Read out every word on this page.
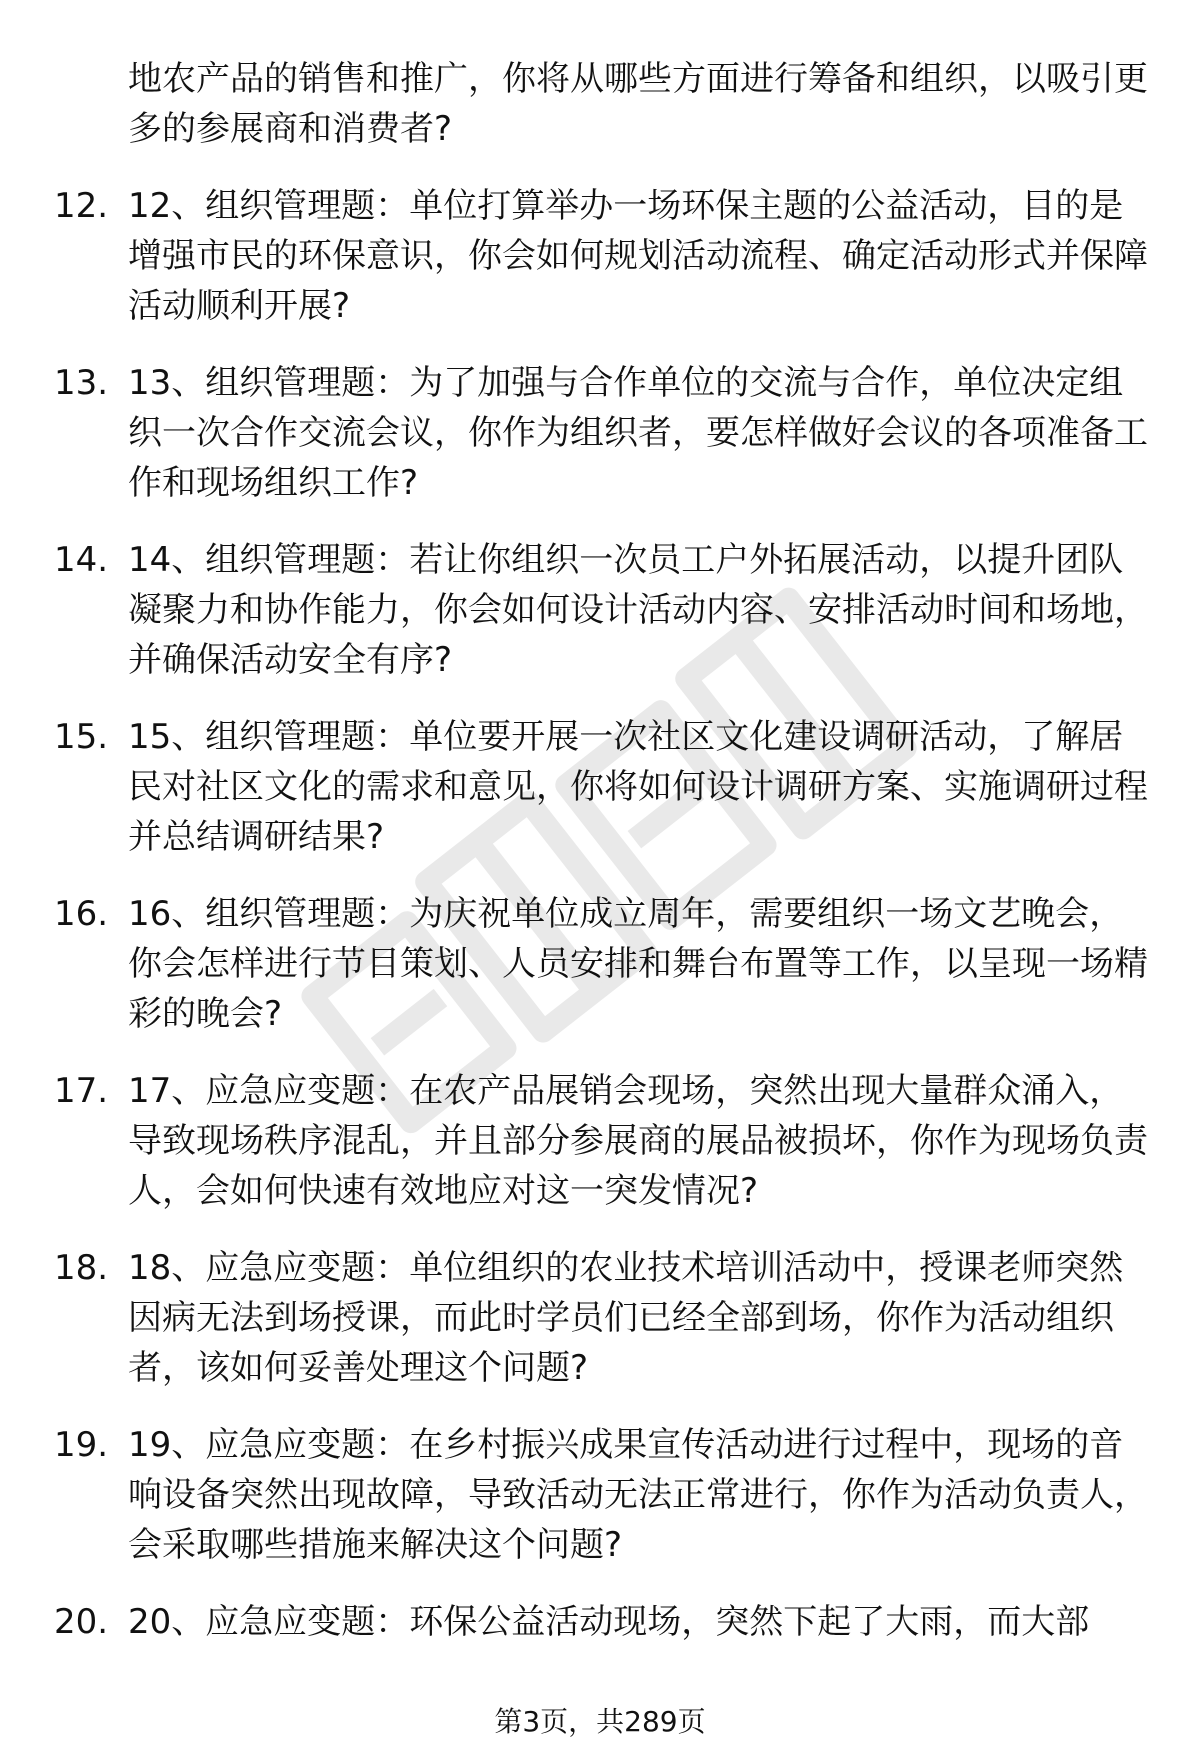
地农产品的销售和推广，你将从哪些方面进行筹备和组织，以吸引更多的参展商和消费者?
12. 12、组织管理题：单位打算举办一场环保主题的公益活动，目的是增强市民的环保意识，你会如何规划活动流程、确定活动形式并保障活动顺利开展?
13. 13、组织管理题：为了加强与合作单位的交流与合作，单位决定组织一次合作交流会议，你作为组织者，要怎样做好会议的各项准备工作和现场组织工作?
14. 14、组织管理题：若让你组织一次员工户外拓展活动，以提升团队凝聚力和协作能力，你会如何设计活动内容、安排活动时间和场地，并确保活动安全有序?
15. 15、组织管理题：单位要开展一次社区文化建设调研活动，了解居民对社区文化的需求和意见，你将如何设计调研方案、实施调研过程并总结调研结果?
16. 16、组织管理题：为庆祝单位成立周年，需要组织一场文艺晚会，你会怎样进行节目策划、人员安排和舞台布置等工作，以呈现一场精彩的晚会?
17. 17、应急应变题：在农产品展销会现场，突然出现大量群众涌入，导致现场秩序混乱，并且部分参展商的展品被损坏，你作为现场负责人，会如何快速有效地应对这一突发情况?
18. 18、应急应变题：单位组织的农业技术培训活动中，授课老师突然因病无法到场授课，而此时学员们已经全部到场，你作为活动组织者，该如何妥善处理这个问题?
19. 19、应急应变题：在乡村振兴成果宣传活动进行过程中，现场的音响设备突然出现故障，导致活动无法正常进行，你作为活动负责人，会采取哪些措施来解决这个问题?
20. 20、应急应变题：环保公益活动现场，突然下起了大雨，而大部
第3页，共289页
